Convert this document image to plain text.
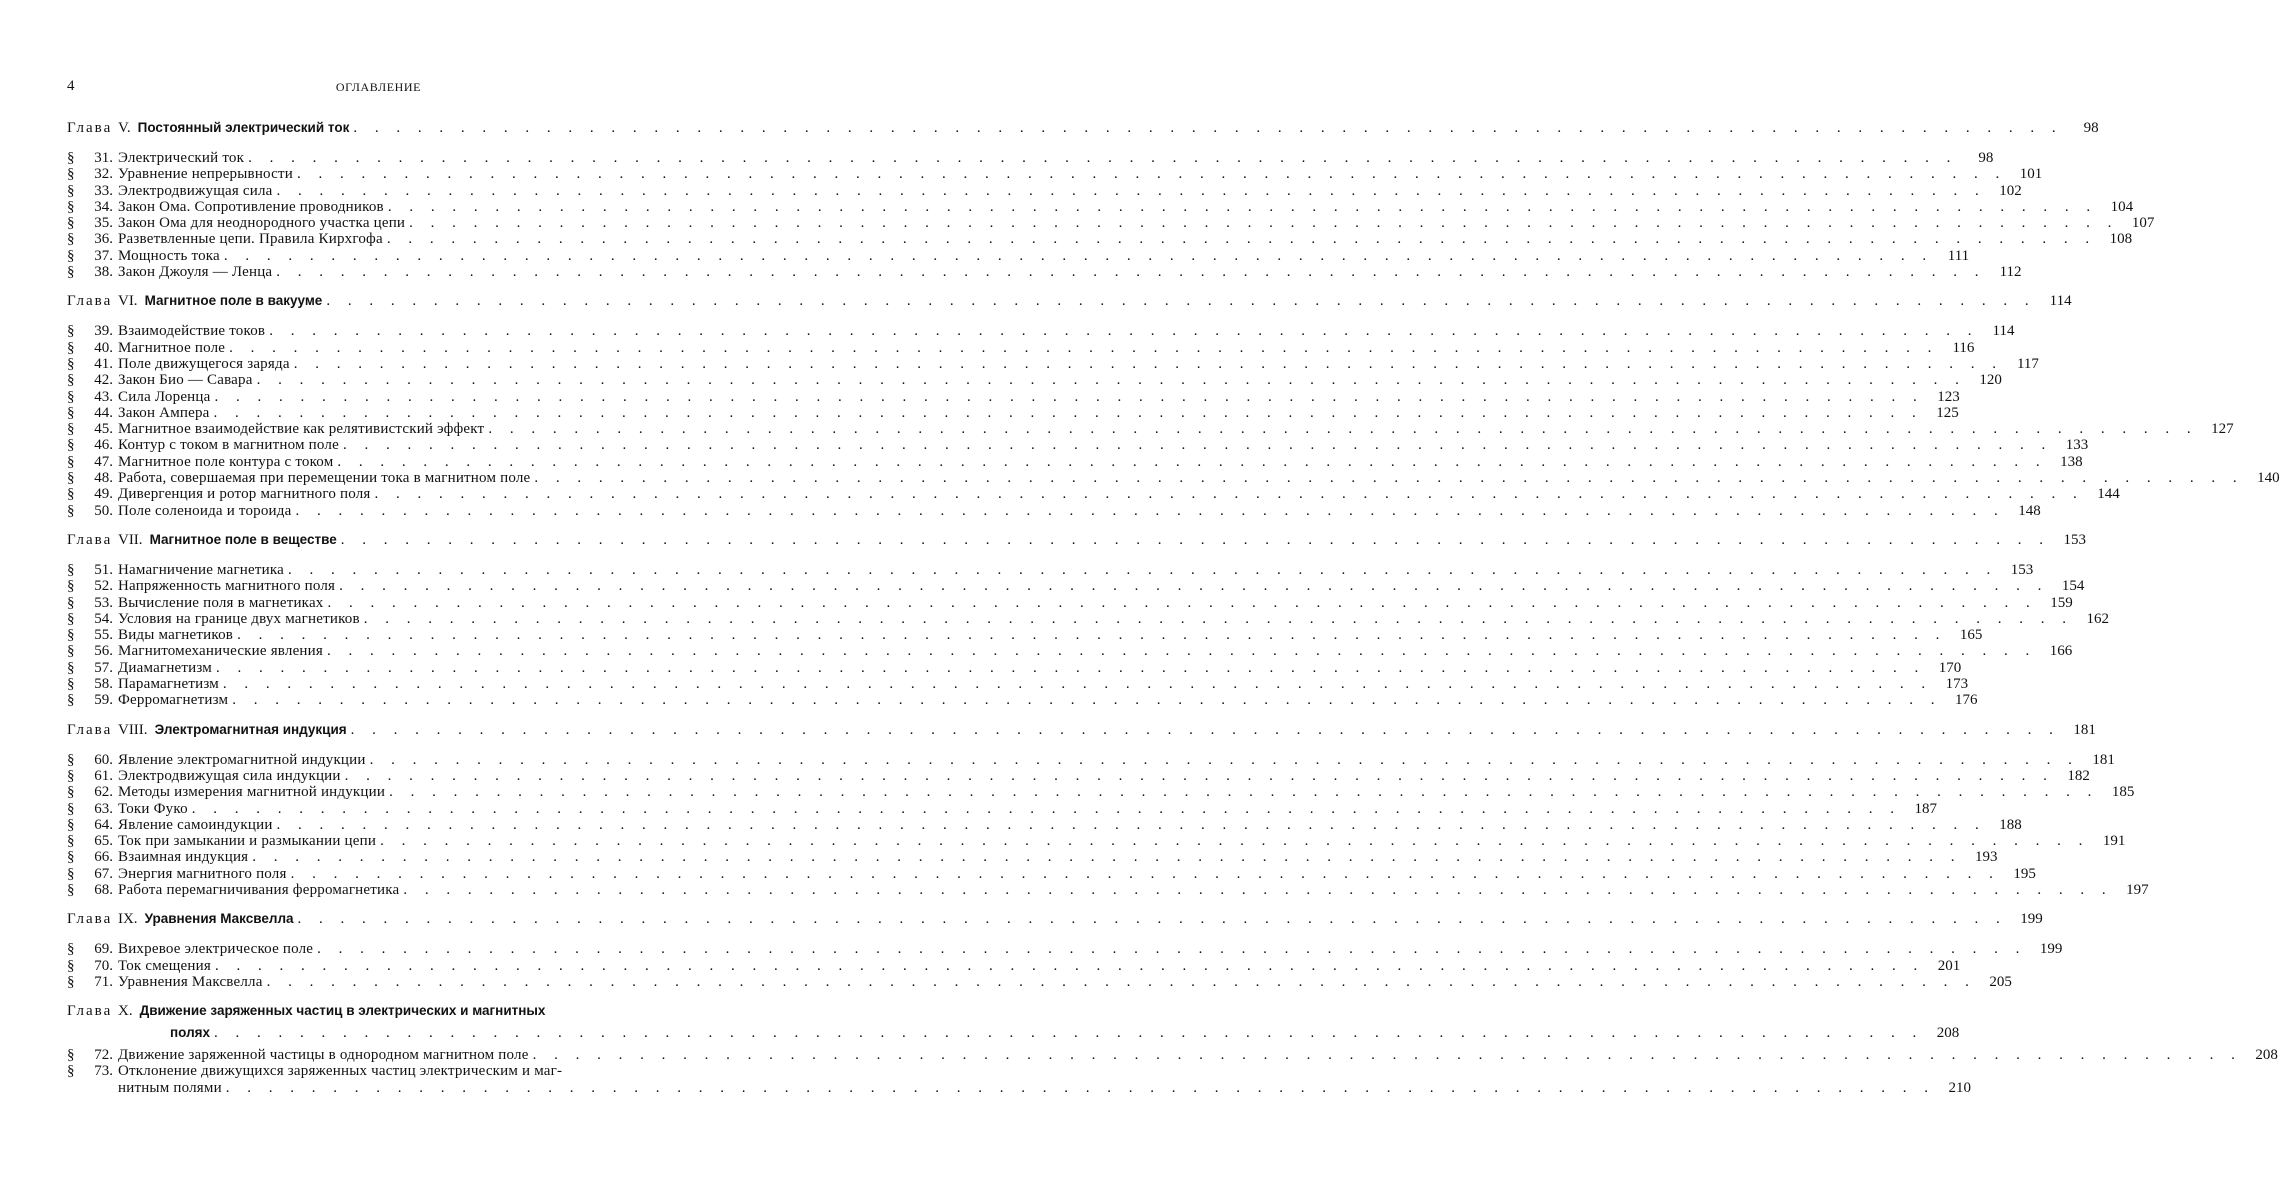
4	ОГЛАВЛЕНИЕ
Глава V. Постоянный электрический ток . . . . . . . . . . . . . . . . . . . . . . . . . . . . . . . . . . . . . . . . . . . . . . . . . . . . . . . . . . . . . . . . . . . . . . . . . . . . . . . .	98
§	31. Электрический ток . . . . . . . . . . . . . . . . . . . . . . . . . . . . . . . . . . . . . . . . . . . . . . . . . . . . . . . . . . . . . . . . . . . . . . . . . . . . . . . .	98
§	32. Уравнение непрерывности . . . . . . . . . . . . . . . . . . . . . . . . . . . . . . . . . . . . . . . . . . . . . . . . . . . . . . . . . . . . . . . . . . . . . . . . . . . . . . . . 101
§	33. Электродвижущая сила . . . . . . . . . . . . . . . . . . . . . . . . . . . . . . . . . . . . . . . . . . . . . . . . . . . . . . . . . . . . . . . . . . . . . . . . . . . . . . . . 102
§	34. Закон Ома. Сопротивление проводников . . . . . . . . . . . . . . . . . . . . . . . . . . . . . . . . . . . . . . . . . . . . . . . . . . . . . . . . . . . . . . . . . . . . . . . . . . . . . . . . 104
§	35. Закон Ома для неоднородного участка цепи . . . . . . . . . . . . . . . . . . . . . . . . . . . . . . . . . . . . . . . . . . . . . . . . . . . . . . . . . . . . . . . . . . . . . . . . . . . . . . . . 107
§	36. Разветвленные цепи. Правила Кирхгофа . . . . . . . . . . . . . . . . . . . . . . . . . . . . . . . . . . . . . . . . . . . . . . . . . . . . . . . . . . . . . . . . . . . . . . . . . . . . . . . . 108
§	37. Мощность тока . . . . . . . . . . . . . . . . . . . . . . . . . . . . . . . . . . . . . . . . . . . . . . . . . . . . . . . . . . . . . . . . . . . . . . . . . . . . . . . . 111
§	38. Закон Джоуля — Ленца . . . . . . . . . . . . . . . . . . . . . . . . . . . . . . . . . . . . . . . . . . . . . . . . . . . . . . . . . . . . . . . . . . . . . . . . . . . . . . . . 112
Глава VI. Магнитное поле в вакууме . . . . . . . . . . . . . . . . . . . . . . . . . . . . . . . . . . . . . . . . . . . . . . . . . . . . . . . . . . . . . . . . . . . . . . . . . . . . . . . . 114
§	39. Взаимодействие токов . . . . . . . . . . . . . . . . . . . . . . . . . . . . . . . . . . . . . . . . . . . . . . . . . . . . . . . . . . . . . . . . . . . . . . . . . . . . . . . . 114
§	40. Магнитное поле . . . . . . . . . . . . . . . . . . . . . . . . . . . . . . . . . . . . . . . . . . . . . . . . . . . . . . . . . . . . . . . . . . . . . . . . . . . . . . . . 116
§	41. Поле движущегося заряда . . . . . . . . . . . . . . . . . . . . . . . . . . . . . . . . . . . . . . . . . . . . . . . . . . . . . . . . . . . . . . . . . . . . . . . . . . . . . . . . 117
§	42. Закон Био — Савара . . . . . . . . . . . . . . . . . . . . . . . . . . . . . . . . . . . . . . . . . . . . . . . . . . . . . . . . . . . . . . . . . . . . . . . . . . . . . . . . 120
§	43. Сила Лоренца . . . . . . . . . . . . . . . . . . . . . . . . . . . . . . . . . . . . . . . . . . . . . . . . . . . . . . . . . . . . . . . . . . . . . . . . . . . . . . . . 123
§	44. Закон Ампера . . . . . . . . . . . . . . . . . . . . . . . . . . . . . . . . . . . . . . . . . . . . . . . . . . . . . . . . . . . . . . . . . . . . . . . . . . . . . . . . 125
§	45. Магнитное взаимодействие как релятивистский эффект . . . . . . . . . . . . . . . . . . . . . . . . . . . . . . . . . . . . . . . . . . . . . . . . . . . . . . . . . . . . . . . . . . . . . . . . . . . . . . . . 127
§	46. Контур с током в магнитном поле . . . . . . . . . . . . . . . . . . . . . . . . . . . . . . . . . . . . . . . . . . . . . . . . . . . . . . . . . . . . . . . . . . . . . . . . . . . . . . . . 133
§	47. Магнитное поле контура с током . . . . . . . . . . . . . . . . . . . . . . . . . . . . . . . . . . . . . . . . . . . . . . . . . . . . . . . . . . . . . . . . . . . . . . . . . . . . . . . . 138
§	48. Работа, совершаемая при перемещении тока в магнитном поле . . . . . . . . . . . . . . . . . . . . . . . . . . . . . . . . . . . . . . . . . . . . . . . . . . . . . . . . . . . . . . . . . . . . . . . . . . . . . . . . 140
§	49. Дивергенция и ротор магнитного поля . . . . . . . . . . . . . . . . . . . . . . . . . . . . . . . . . . . . . . . . . . . . . . . . . . . . . . . . . . . . . . . . . . . . . . . . . . . . . . . . 144
§	50. Поле соленоида и тороида . . . . . . . . . . . . . . . . . . . . . . . . . . . . . . . . . . . . . . . . . . . . . . . . . . . . . . . . . . . . . . . . . . . . . . . . . . . . . . . . 148
Глава VII. Магнитное поле в веществе . . . . . . . . . . . . . . . . . . . . . . . . . . . . . . . . . . . . . . . . . . . . . . . . . . . . . . . . . . . . . . . . . . . . . . . . . . . . . . . . 153
§	51. Намагничение магнетика . . . . . . . . . . . . . . . . . . . . . . . . . . . . . . . . . . . . . . . . . . . . . . . . . . . . . . . . . . . . . . . . . . . . . . . . . . . . . . . . 153
§	52. Напряженность магнитного поля . . . . . . . . . . . . . . . . . . . . . . . . . . . . . . . . . . . . . . . . . . . . . . . . . . . . . . . . . . . . . . . . . . . . . . . . . . . . . . . . 154
§	53. Вычисление поля в магнетиках . . . . . . . . . . . . . . . . . . . . . . . . . . . . . . . . . . . . . . . . . . . . . . . . . . . . . . . . . . . . . . . . . . . . . . . . . . . . . . . . 159
§	54. Условия на границе двух магнетиков . . . . . . . . . . . . . . . . . . . . . . . . . . . . . . . . . . . . . . . . . . . . . . . . . . . . . . . . . . . . . . . . . . . . . . . . . . . . . . . . 162
§	55. Виды магнетиков . . . . . . . . . . . . . . . . . . . . . . . . . . . . . . . . . . . . . . . . . . . . . . . . . . . . . . . . . . . . . . . . . . . . . . . . . . . . . . . . 165
§	56. Магнитомеханические явления . . . . . . . . . . . . . . . . . . . . . . . . . . . . . . . . . . . . . . . . . . . . . . . . . . . . . . . . . . . . . . . . . . . . . . . . . . . . . . . . 166
§	57. Диамагнетизм . . . . . . . . . . . . . . . . . . . . . . . . . . . . . . . . . . . . . . . . . . . . . . . . . . . . . . . . . . . . . . . . . . . . . . . . . . . . . . . . 170
§	58. Парамагнетизм . . . . . . . . . . . . . . . . . . . . . . . . . . . . . . . . . . . . . . . . . . . . . . . . . . . . . . . . . . . . . . . . . . . . . . . . . . . . . . . . 173
§	59. Ферромагнетизм . . . . . . . . . . . . . . . . . . . . . . . . . . . . . . . . . . . . . . . . . . . . . . . . . . . . . . . . . . . . . . . . . . . . . . . . . . . . . . . . 176
Глава VIII. Электромагнитная индукция . . . . . . . . . . . . . . . . . . . . . . . . . . . . . . . . . . . . . . . . . . . . . . . . . . . . . . . . . . . . . . . . . . . . . . . . . . . . . . . . 181
§	60. Явление электромагнитной индукции . . . . . . . . . . . . . . . . . . . . . . . . . . . . . . . . . . . . . . . . . . . . . . . . . . . . . . . . . . . . . . . . . . . . . . . . . . . . . . . . 181
§	61. Электродвижущая сила индукции . . . . . . . . . . . . . . . . . . . . . . . . . . . . . . . . . . . . . . . . . . . . . . . . . . . . . . . . . . . . . . . . . . . . . . . . . . . . . . . . 182
§	62. Методы измерения магнитной индукции . . . . . . . . . . . . . . . . . . . . . . . . . . . . . . . . . . . . . . . . . . . . . . . . . . . . . . . . . . . . . . . . . . . . . . . . . . . . . . . . 185
§	63. Токи Фуко . . . . . . . . . . . . . . . . . . . . . . . . . . . . . . . . . . . . . . . . . . . . . . . . . . . . . . . . . . . . . . . . . . . . . . . . . . . . . . . . 187
§	64. Явление самоиндукции . . . . . . . . . . . . . . . . . . . . . . . . . . . . . . . . . . . . . . . . . . . . . . . . . . . . . . . . . . . . . . . . . . . . . . . . . . . . . . . . 188
§	65. Ток при замыкании и размыкании цепи . . . . . . . . . . . . . . . . . . . . . . . . . . . . . . . . . . . . . . . . . . . . . . . . . . . . . . . . . . . . . . . . . . . . . . . . . . . . . . . . 191
§	66. Взаимная индукция . . . . . . . . . . . . . . . . . . . . . . . . . . . . . . . . . . . . . . . . . . . . . . . . . . . . . . . . . . . . . . . . . . . . . . . . . . . . . . . . 193
§	67. Энергия магнитного поля . . . . . . . . . . . . . . . . . . . . . . . . . . . . . . . . . . . . . . . . . . . . . . . . . . . . . . . . . . . . . . . . . . . . . . . . . . . . . . . . 195
§	68. Работа перемагничивания ферромагнетика . . . . . . . . . . . . . . . . . . . . . . . . . . . . . . . . . . . . . . . . . . . . . . . . . . . . . . . . . . . . . . . . . . . . . . . . . . . . . . . . 197
Глава IX. Уравнения Максвелла . . . . . . . . . . . . . . . . . . . . . . . . . . . . . . . . . . . . . . . . . . . . . . . . . . . . . . . . . . . . . . . . . . . . . . . . . . . . . . . . 199
§	69. Вихревое электрическое поле . . . . . . . . . . . . . . . . . . . . . . . . . . . . . . . . . . . . . . . . . . . . . . . . . . . . . . . . . . . . . . . . . . . . . . . . . . . . . . . . 199
§	70. Ток смещения . . . . . . . . . . . . . . . . . . . . . . . . . . . . . . . . . . . . . . . . . . . . . . . . . . . . . . . . . . . . . . . . . . . . . . . . . . . . . . . . 201
§	71. Уравнения Максвелла . . . . . . . . . . . . . . . . . . . . . . . . . . . . . . . . . . . . . . . . . . . . . . . . . . . . . . . . . . . . . . . . . . . . . . . . . . . . . . . . 205
Глава X. Движение заряженных частиц в электрических и магнитных
полях . . . . . . . . . . . . . . . . . . . . . . . . . . . . . . . . . . . . . . . . . . . . . . . . . . . . . . . . . . . . . . . . . . . . . . . . . . . . . . . . 208
§	72. Движение заряженной частицы в однородном магнитном поле . . . . . . . . . . . . . . . . . . . . . . . . . . . . . . . . . . . . . . . . . . . . . . . . . . . . . . . . . . . . . . . . . . . . . . . . . . . . . . . . 208
§	73. Отклонение движущихся заряженных частиц электрическим и маг-
нитным полями . . . . . . . . . . . . . . . . . . . . . . . . . . . . . . . . . . . . . . . . . . . . . . . . . . . . . . . . . . . . . . . . . . . . . . . . . . . . . . . . 210
